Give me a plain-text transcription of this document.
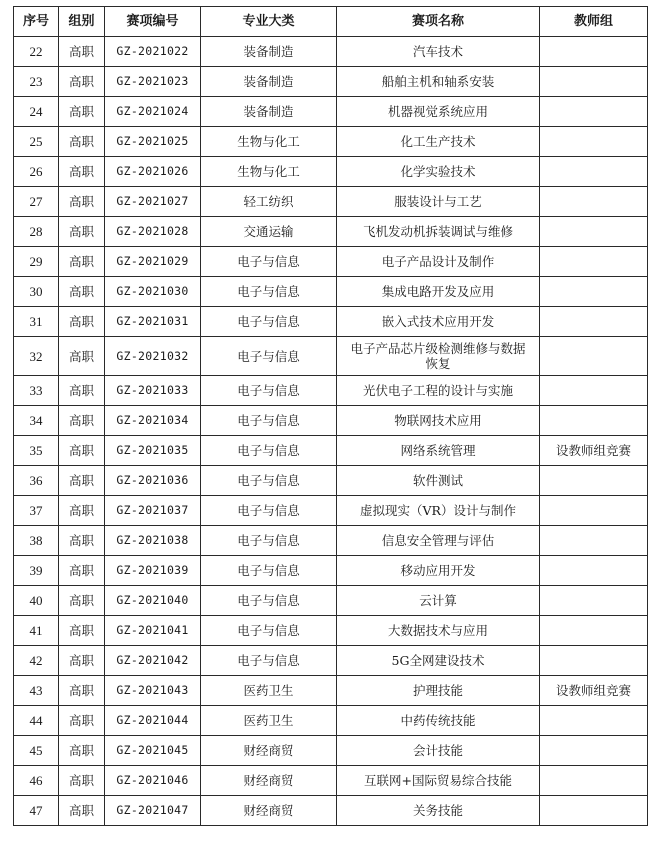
序号	组别	赛项编号	专业大类	赛项名称	教师组
22	高职	GZ-2021022	装备制造	汽车技术	
23	高职	GZ-2021023	装备制造	船舶主机和轴系安装	
24	高职	GZ-2021024	装备制造	机器视觉系统应用	
25	高职	GZ-2021025	生物与化工	化工生产技术	
26	高职	GZ-2021026	生物与化工	化学实验技术	
27	高职	GZ-2021027	轻工纺织	服装设计与工艺	
28	高职	GZ-2021028	交通运输	飞机发动机拆装调试与维修	
29	高职	GZ-2021029	电子与信息	电子产品设计及制作	
30	高职	GZ-2021030	电子与信息	集成电路开发及应用	
31	高职	GZ-2021031	电子与信息	嵌入式技术应用开发	
32	高职	GZ-2021032	电子与信息	电子产品芯片级检测维修与数据恢复	
33	高职	GZ-2021033	电子与信息	光伏电子工程的设计与实施	
34	高职	GZ-2021034	电子与信息	物联网技术应用	
35	高职	GZ-2021035	电子与信息	网络系统管理	设教师组竞赛
36	高职	GZ-2021036	电子与信息	软件测试	
37	高职	GZ-2021037	电子与信息	虚拟现实（VR）设计与制作	
38	高职	GZ-2021038	电子与信息	信息安全管理与评估	
39	高职	GZ-2021039	电子与信息	移动应用开发	
40	高职	GZ-2021040	电子与信息	云计算	
41	高职	GZ-2021041	电子与信息	大数据技术与应用	
42	高职	GZ-2021042	电子与信息	5G全网建设技术	
43	高职	GZ-2021043	医药卫生	护理技能	设教师组竞赛
44	高职	GZ-2021044	医药卫生	中药传统技能	
45	高职	GZ-2021045	财经商贸	会计技能	
46	高职	GZ-2021046	财经商贸	互联网+国际贸易综合技能	
47	高职	GZ-2021047	财经商贸	关务技能	
